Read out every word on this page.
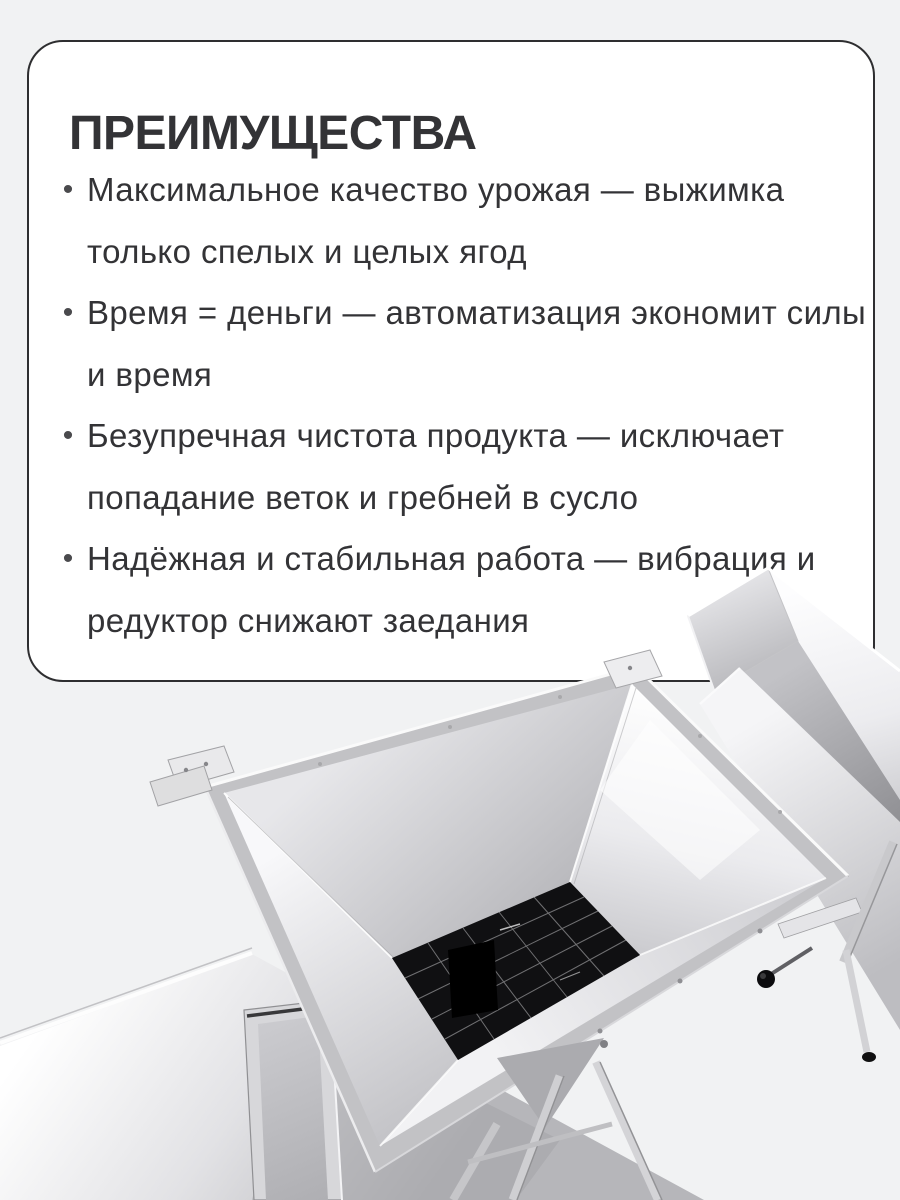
ПРЕИМУЩЕСТВА
• Максимальное качество урожая — выжимка
только спелых и целых ягод
• Время = деньги — автоматизация экономит силы
и время
• Безупречная чистота продукта — исключает
попадание веток и гребней в сусло
• Надёжная и стабильная работа — вибрация и
редуктор снижают заедания
